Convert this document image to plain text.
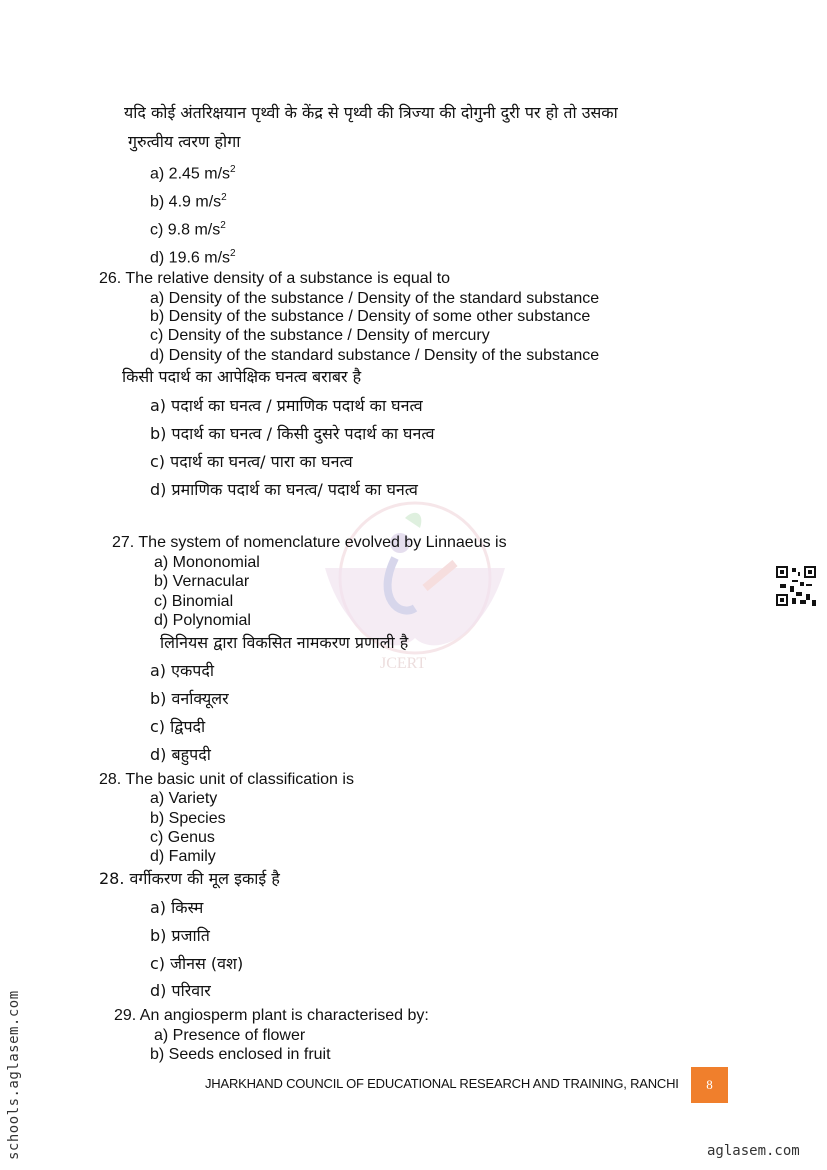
JCERT
यदि कोई अंतरिक्षयान पृथ्वी के केंद्र से पृथ्वी की त्रिज्या की दोगुनी दुरी पर हो तो उसका
गुरुत्वीय त्वरण होगा
a) 2.45 $m/s^2$
b) 4.9 $m/s^2$
c) 9.8 $m/s^2$
d) 19.6 $m/s^2$
26. The relative density of a substance is equal to
a) Density of the substance / Density of the standard substance
b) Density of the substance / Density of some other substance
c) Density of the substance / Density of mercury
d) Density of the standard substance / Density of the substance
किसी पदार्थ का आपेक्षिक घनत्व बराबर है
a) पदार्थ का घनत्व / प्रमाणिक पदार्थ का घनत्व
b) पदार्थ का घनत्व / किसी दुसरे पदार्थ का घनत्व
c) पदार्थ का घनत्व/ पारा का घनत्व
d) प्रमाणिक पदार्थ का घनत्व/ पदार्थ का घनत्व
27. The system of nomenclature evolved by Linnaeus is
a) Mononomial
b) Vernacular
c) Binomial
d) Polynomial
लिनियस द्वारा विकसित नामकरण प्रणाली है
a) एकपदी
b) वर्नाक्यूलर
c) द्विपदी
d) बहुपदी
28. The basic unit of classification is
a) Variety
b) Species
c) Genus
d) Family
28. वर्गीकरण की मूल इकाई है
a) किस्म
b) प्रजाति
c) जीनस (वश)
d) परिवार
29. An angiosperm plant is characterised by:
a) Presence of flower
b) Seeds enclosed in fruit
JHARKHAND COUNCIL OF EDUCATIONAL RESEARCH AND TRAINING, RANCHI 8
schools.aglasem.com	aglasem.com
